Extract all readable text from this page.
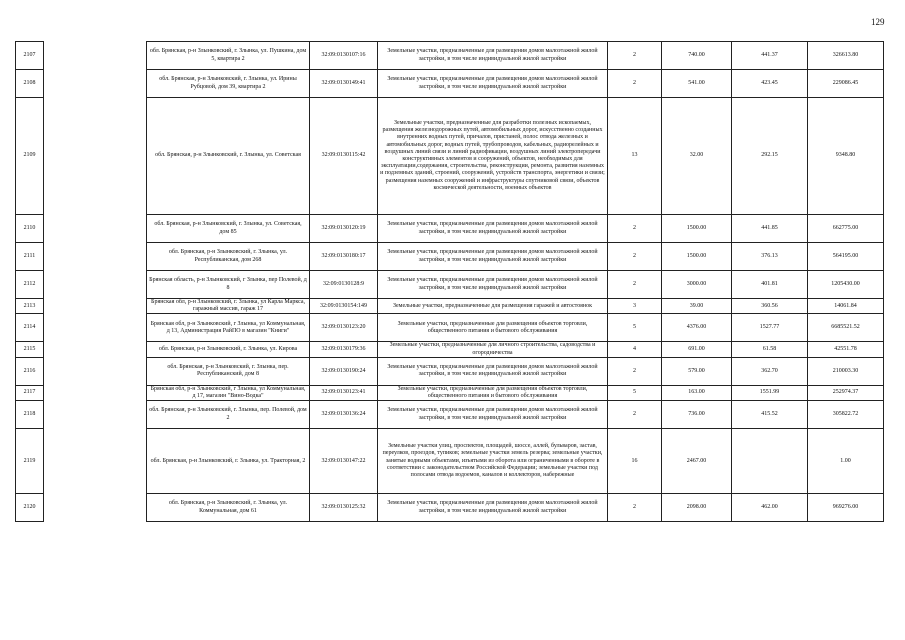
129
2107		обл. Брянская, р-н Злынковский, г. Злынка, ул. Пушкина, дом 5, квартира 2	32:09:0130107:16	Земельные участки, предназначенные для размещения домов малоэтажной жилой застройки, в том числе индивидуальной жилой застройки	2	740.00	441.37	326613.80
2108		обл. Брянская, р-н Злынковский, г. Злынка, ул. Ирины Рубцовой, дом 39, квартира 2	32:09:0130149:41	Земельные участки, предназначенные для размещения домов малоэтажной жилой застройки, в том числе индивидуальной жилой застройки	2	541.00	423.45	229086.45
2109		обл. Брянская, р-н Злынковский, г. Злынка, ул. Советская	32:09:0130115:42	Земельные участки, предназначенные для разработки полезных ископаемых, размещения железнодорожных путей, автомобильных дорог, искусственно созданных внутренних водных путей, причалов, пристаней, полос отвода железных и автомобильных дорог, водных путей, трубопроводов, кабельных, радиорелейных и воздушных линий связи и линий радиофикации, воздушных линий электропередачи конструктивных элементов и сооружений, объектов, необходимых для эксплуатации,содержания, строительства, реконструкции, ремонта, развития наземных и подземных зданий, строений, сооружений, устройств транспорта, энергетики и связи; размещения наземных сооружений и инфраструктуры спутниковой связи, объектов космической деятельности, военных объектов	13	32.00	292.15	9348.80
2110		обл. Брянская, р-н Злынковский, г. Злынка, ул. Советская, дом 85	32:09:0130120:19	Земельные участки, предназначенные для размещения домов малоэтажной жилой застройки, в том числе индивидуальной жилой застройки	2	1500.00	441.85	662775.00
2111		обл. Брянская, р-н Злынковский, г. Злынка, ул. Республиканская, дом 268	32:09:0130180:17	Земельные участки, предназначенные для размещения домов малоэтажной жилой застройки, в том числе индивидуальной жилой застройки	2	1500.00	376.13	564195.00
2112		Брянская область, р-н Злынковский, г Злынка, пер Полевой, д 8	32:09:0130128:9	Земельные участки, предназначенные для размещения домов малоэтажной жилой застройки, в том числе индивидуальной жилой застройки	2	3000.00	401.81	1205430.00
2113		Брянская обл, р-н Злынковский, г. Злынка, ул Карла Маркса, гаражный массив, гараж 17	32:09:0130154:149	Земельные участки, предназначенные для размещения гаражей и автостоянок	3	39.00	360.56	14061.84
2114		Брянская обл, р-н Злынковский, г Злынка, ул Коммунальная, д 13, Администрация РайПО в магазин "Книги"	32:09:0130123:20	Земельные участки, предназначенные для размещения объектов торговли, общественного питания и бытового обслуживания	5	4376.00	1527.77	6685521.52
2115		обл. Брянская, р-н Злынковский, г. Злынка, ул. Кирова	32:09:0130179:36	Земельные участки, предназначенные для личного строительства, садоводства и огородничества	4	691.00	61.58	42551.78
2116		обл. Брянская, р-н Злынковский, г. Злынка, пер. Республиканский, дом 8	32:09:0130190:24	Земельные участки, предназначенные для размещения домов малоэтажной жилой застройки, в том числе индивидуальной жилой застройки	2	579.00	362.70	210003.30
2117		Брянская обл, р-н Злынковский, г Злынка, ул Коммунальная, д 17, магазин "Вино-Водка"	32:09:0130123:41	Земельные участки, предназначенные для размещения объектов торговли, общественного питания и бытового обслуживания	5	163.00	1551.99	252974.37
2118		обл. Брянская, р-н Злынковский, г. Злынка, пер. Полевой, дом 2	32:09:0130136:24	Земельные участки, предназначенные для размещения домов малоэтажной жилой застройки, в том числе индивидуальной жилой застройки	2	736.00	415.52	305822.72
2119		обл. Брянская, р-н Злынковский, г. Злынка, ул. Тракторная, 2	32:09:0130147:22	Земельные участки улиц, проспектов, площадей, шоссе, аллей, бульваров, застав, переулков, проездов, тупиков; земельные участки земель резерва; земельные участки, занятые водными объектами, изъятыми из оборота или ограниченными в обороте в соответствии с законодательством Российской Федерации; земельные участки под полосами отвода водоемов, каналов и коллекторов, набережные	16	2467.00		1.00
2120		обл. Брянская, р-н Злынковский, г. Злынка, ул. Коммунальная, дом 61	32:09:0130125:32	Земельные участки, предназначенные для размещения домов малоэтажной жилой застройки, в том числе индивидуальной жилой застройки	2	2098.00	462.00	969276.00
